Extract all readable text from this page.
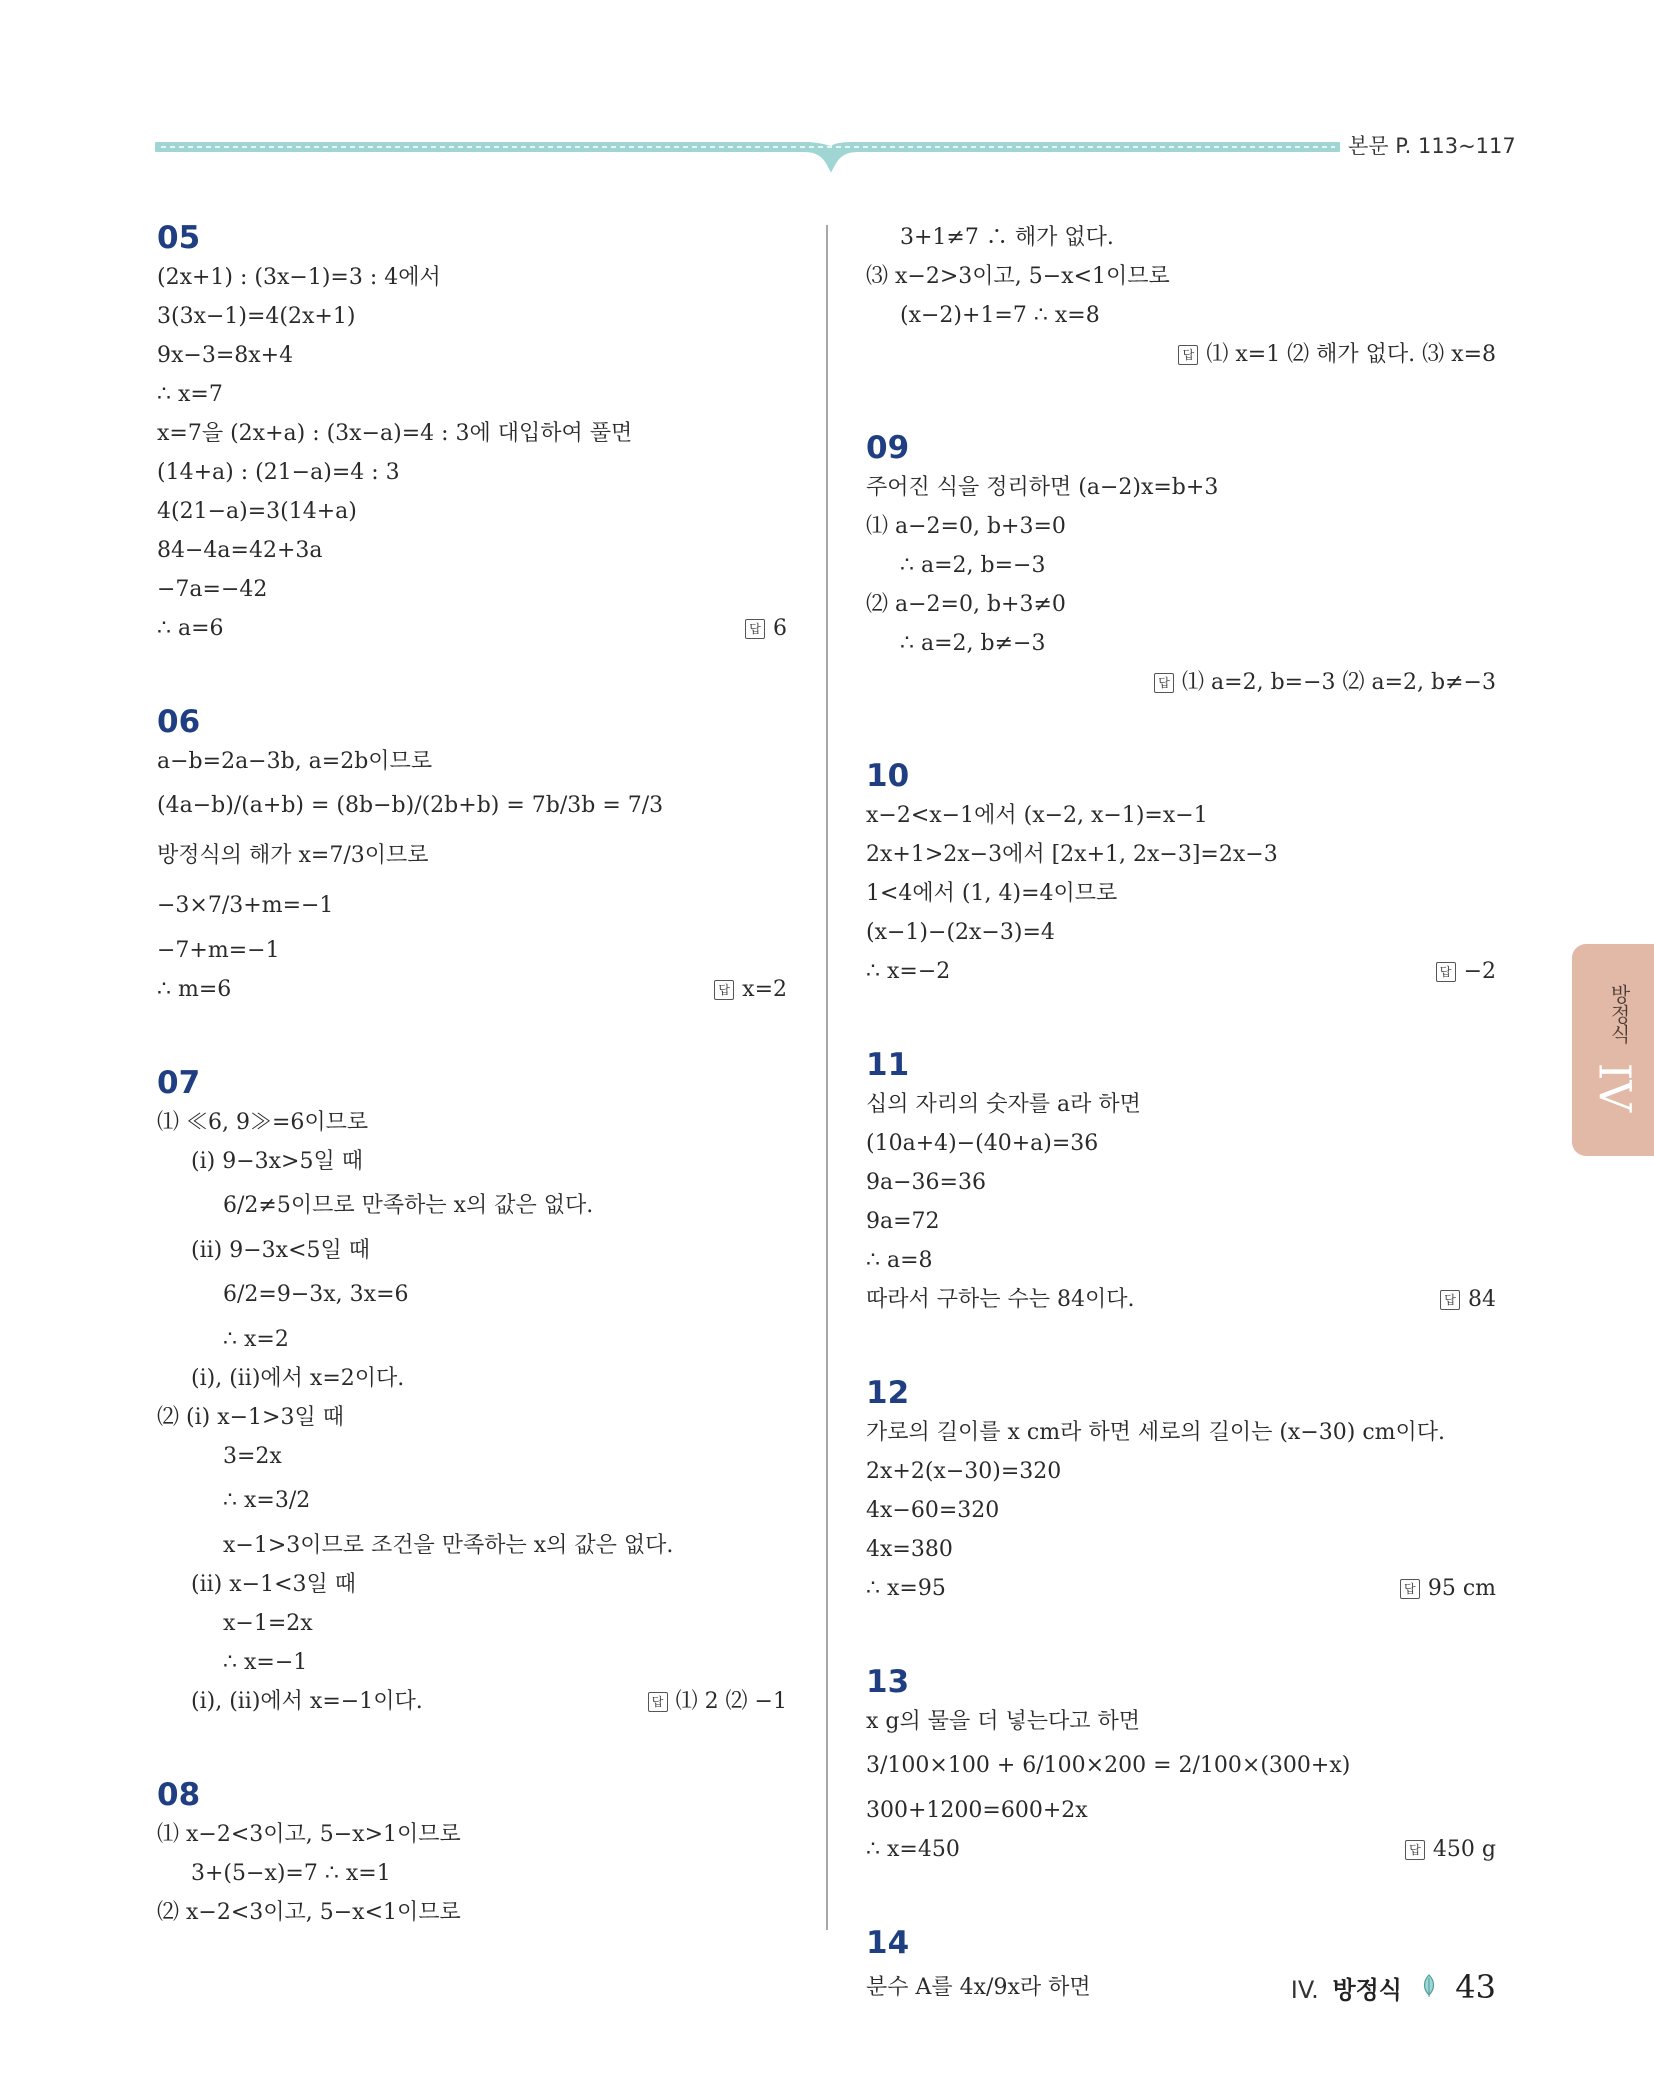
본문 P. 113~117
05
(2x+1) : (3x−1)=3 : 4에서
3(3x−1)=4(2x+1)
9x−3=8x+4
∴ x=7
x=7을 (2x+a) : (3x−a)=4 : 3에 대입하여 풀면
(14+a) : (21−a)=4 : 3
4(21−a)=3(14+a)
84−4a=42+3a
−7a=−42
∴ a=6	답 6
06
a−b=2a−3b, a=2b이므로
(4a−b)/(a+b) = (8b−b)/(2b+b) = 7b/3b = 7/3
방정식의 해가 x=7/3이므로
−3×7/3+m=−1
−7+m=−1
∴ m=6	답 x=2
07
⑴ ≪6, 9≫=6이므로
(i) 9−3x>5일 때
6/2≠5이므로 만족하는 x의 값은 없다.
(ii) 9−3x<5일 때
6/2=9−3x, 3x=6
∴ x=2
(i), (ii)에서 x=2이다.
⑵ (i) x−1>3일 때
3=2x
∴ x=3/2
x−1>3이므로 조건을 만족하는 x의 값은 없다.
(ii) x−1<3일 때
x−1=2x
∴ x=−1
(i), (ii)에서 x=−1이다.	답 ⑴ 2 ⑵ −1
08
⑴ x−2<3이고, 5−x>1이므로
3+(5−x)=7 ∴ x=1
⑵ x−2<3이고, 5−x<1이므로
3+1≠7 ∴ 해가 없다.
⑶ x−2>3이고, 5−x<1이므로
(x−2)+1=7 ∴ x=8
답 ⑴ x=1 ⑵ 해가 없다. ⑶ x=8
09
주어진 식을 정리하면 (a−2)x=b+3
⑴ a−2=0, b+3=0
∴ a=2, b=−3
⑵ a−2=0, b+3≠0
∴ a=2, b≠−3
답 ⑴ a=2, b=−3 ⑵ a=2, b≠−3
10
x−2<x−1에서 (x−2, x−1)=x−1
2x+1>2x−3에서 [2x+1, 2x−3]=2x−3
1<4에서 (1, 4)=4이므로
(x−1)−(2x−3)=4
∴ x=−2	답 −2
11
십의 자리의 숫자를 a라 하면
(10a+4)−(40+a)=36
9a−36=36
9a=72
∴ a=8
따라서 구하는 수는 84이다.	답 84
12
가로의 길이를 x cm라 하면 세로의 길이는 (x−30) cm이다.
2x+2(x−30)=320
4x−60=320
4x=380
∴ x=95	답 95 cm
13
x g의 물을 더 넣는다고 하면
3/100×100 + 6/100×200 = 2/100×(300+x)
300+1200=600+2x
∴ x=450	답 450 g
14
분수 A를 4x/9x라 하면
방정식
IV
IV. 방정식 43
